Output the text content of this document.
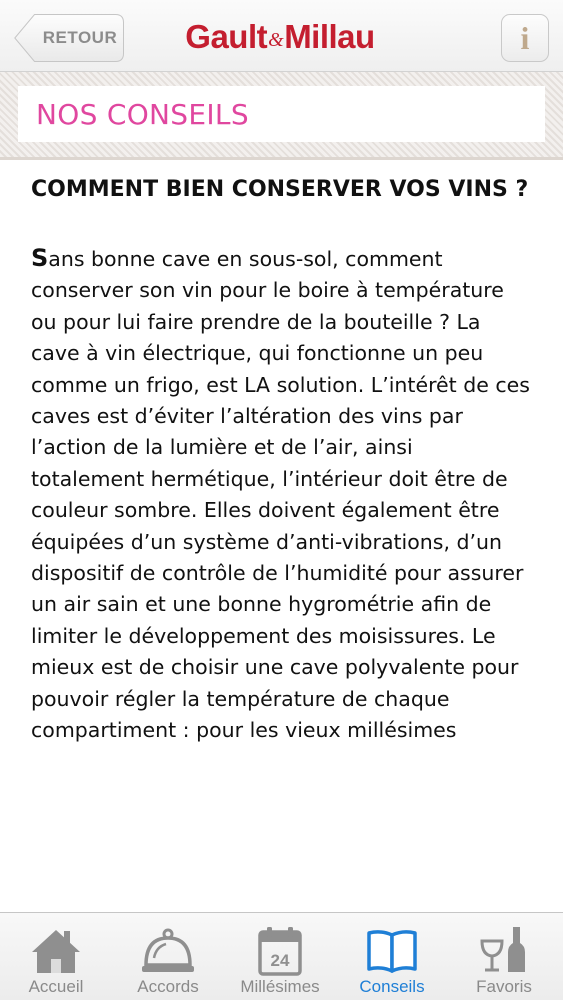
RETOUR	Gault&Millau	i
NOS CONSEILS
COMMENT BIEN CONSERVER VOS VINS ?

Sans bonne cave en sous-sol, comment conserver son vin pour le boire à température ou pour lui faire prendre de la bouteille ? La cave à vin électrique, qui fonctionne un peu comme un frigo, est LA solution. L’intérêt de ces caves est d’éviter l’altération des vins par l’action de la lumière et de l’air, ainsi totalement hermétique, l’intérieur doit être de couleur sombre. Elles doivent également être équipées d’un système d’anti-vibrations, d’un dispositif de contrôle de l’humidité pour assurer un air sain et une bonne hygrométrie afin de limiter le développement des moisissures. Le mieux est de choisir une cave polyvalente pour pouvoir régler la température de chaque compartiment : pour les vieux millésimes

Accueil	Accords
24
Millésimes	Conseils	Favoris
